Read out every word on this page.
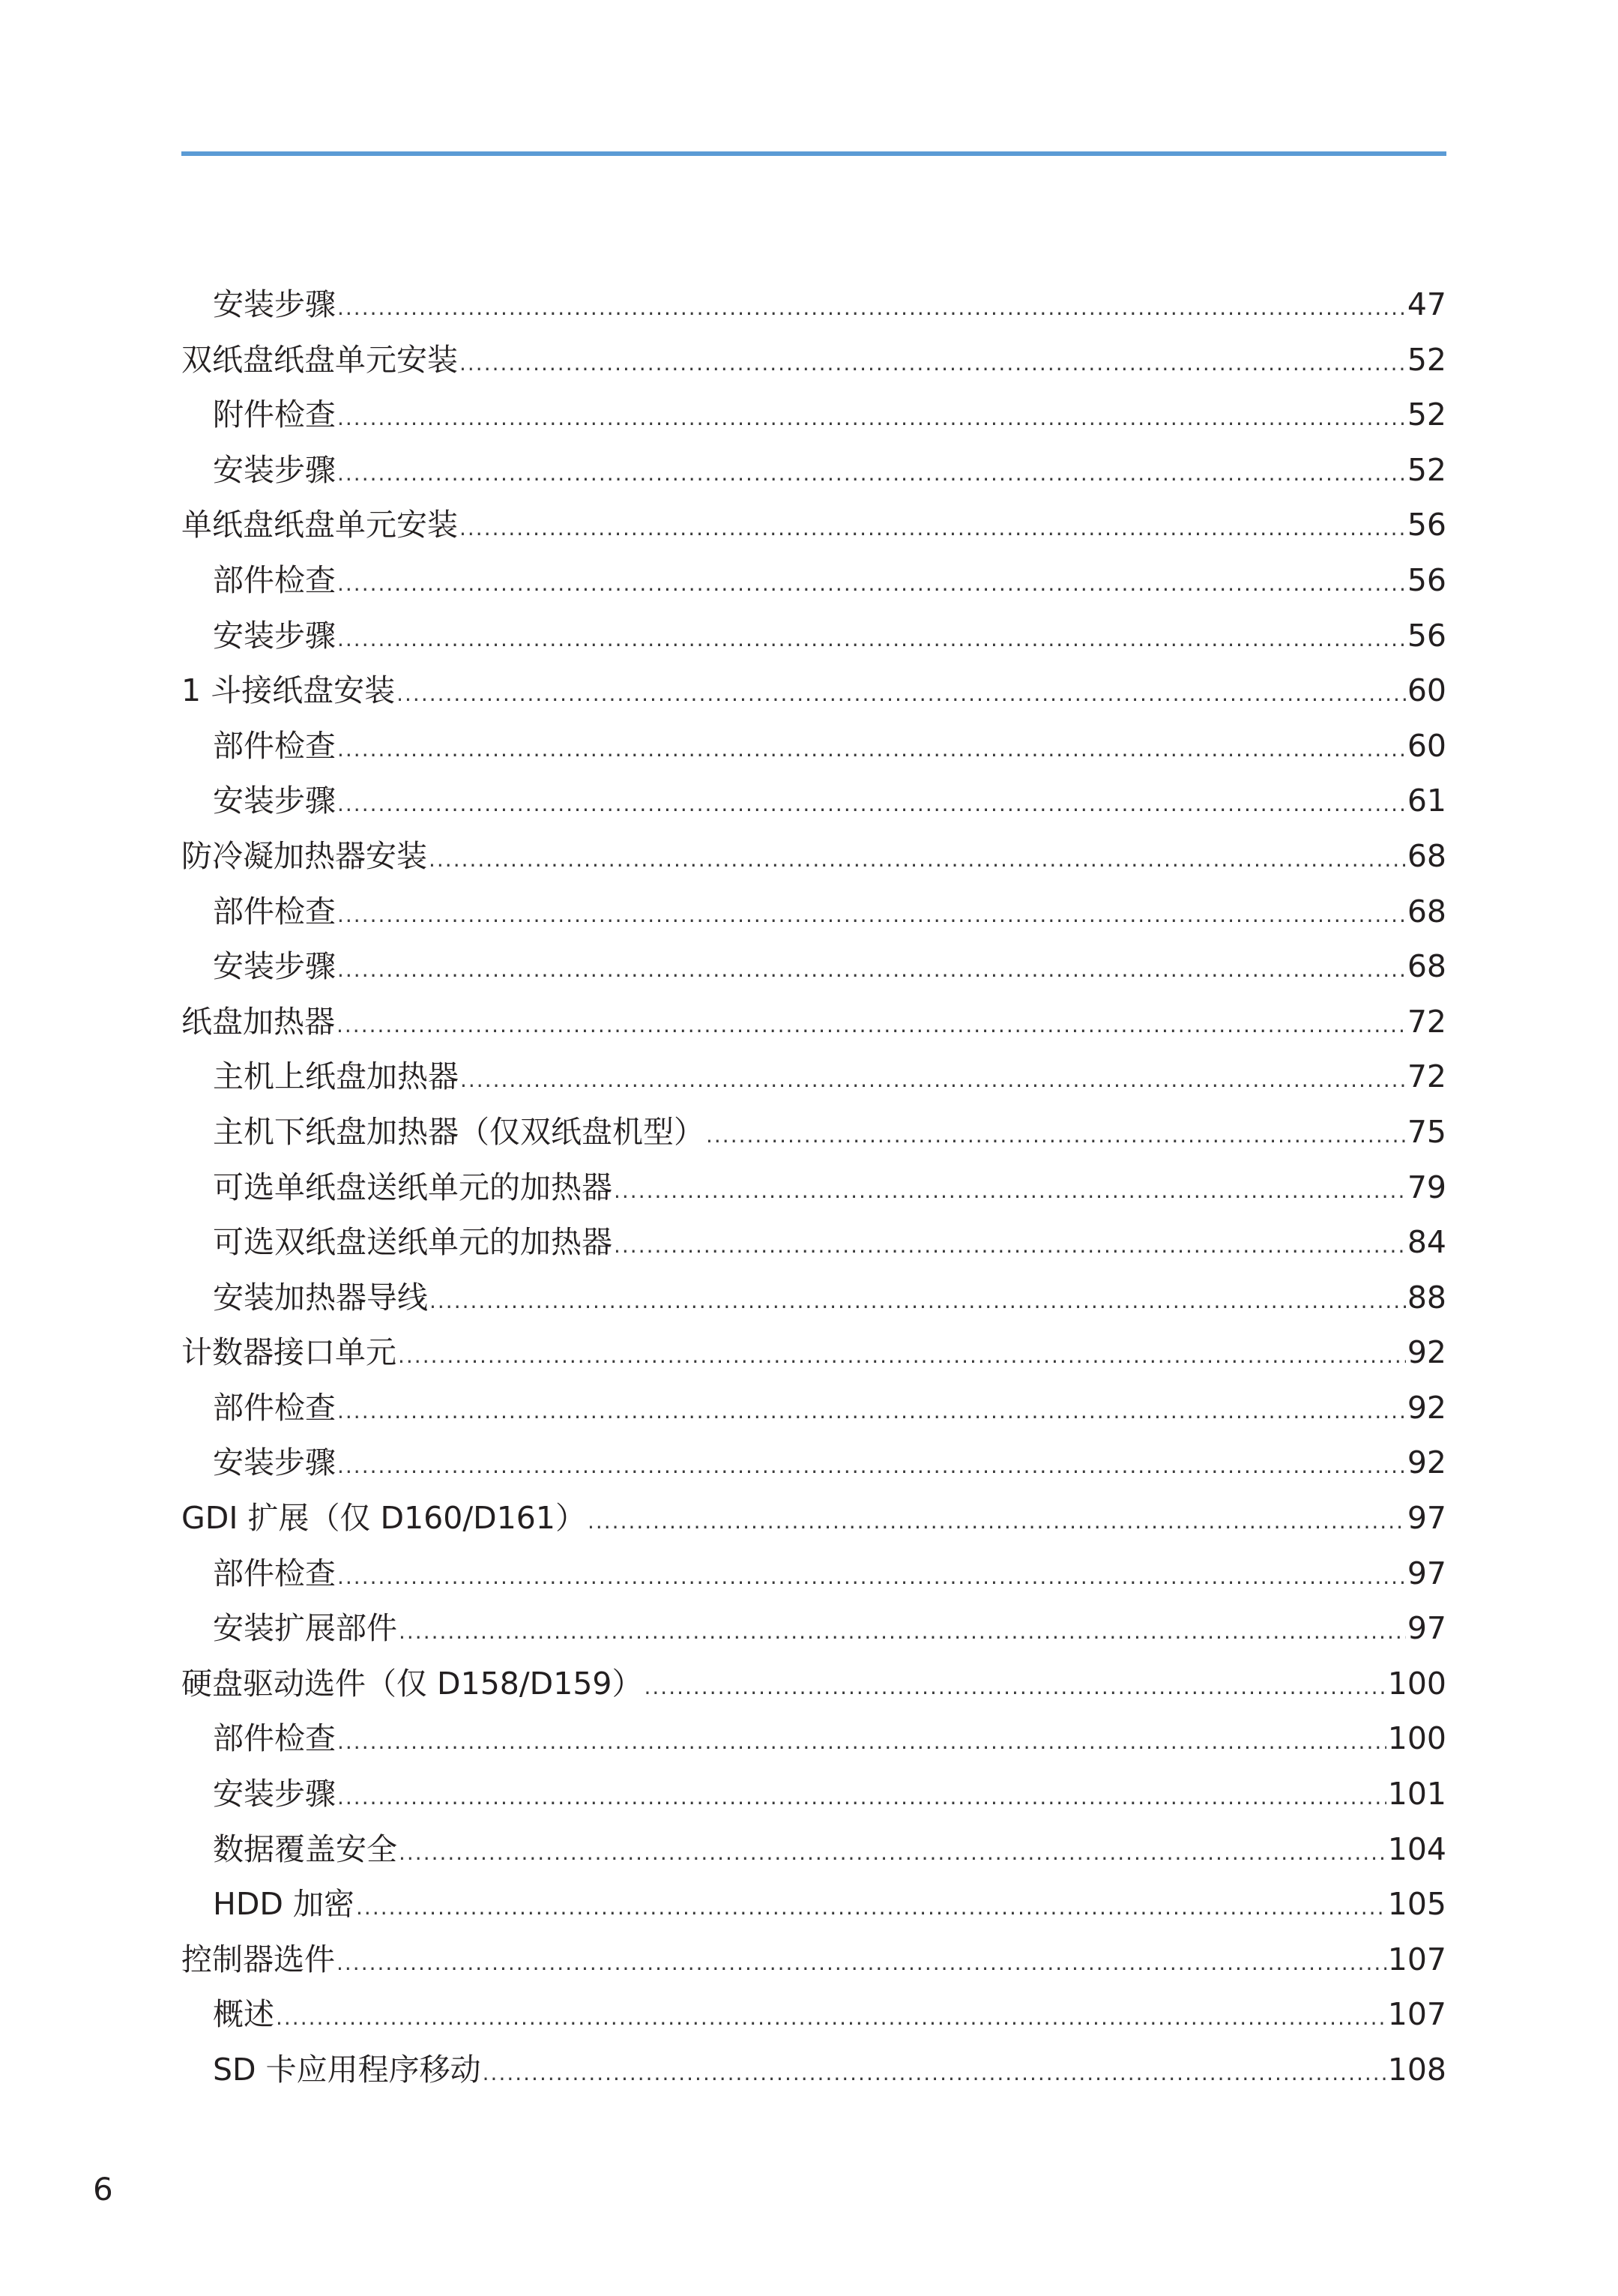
安装步骤 .....	47
双纸盘纸盘单元安装 .....	52
附件检查 .....	52
安装步骤 .....	52
单纸盘纸盘单元安装 .....	56
部件检查 .....	56
安装步骤 .....	56
1 斗接纸盘安装 .....	60
部件检查 .....	60
安装步骤 .....	61
防冷凝加热器安装 .....	68
部件检查 .....	68
安装步骤 .....	68
纸盘加热器 .....	72
主机上纸盘加热器 .....	72
主机下纸盘加热器（仅双纸盘机型） .....	75
可选单纸盘送纸单元的加热器 .....	79
可选双纸盘送纸单元的加热器 .....	84
安装加热器导线 .....	88
计数器接口单元 .....	92
部件检查 .....	92
安装步骤 .....	92
GDI 扩展（仅 D160/D161） .....	97
部件检查 .....	97
安装扩展部件 .....	97
硬盘驱动选件（仅 D158/D159） .....	100
部件检查 .....	100
安装步骤 .....	101
数据覆盖安全 .....	104
HDD 加密 .....	105
控制器选件 .....	107
概述 .....	107
SD 卡应用程序移动 .....	108
6
